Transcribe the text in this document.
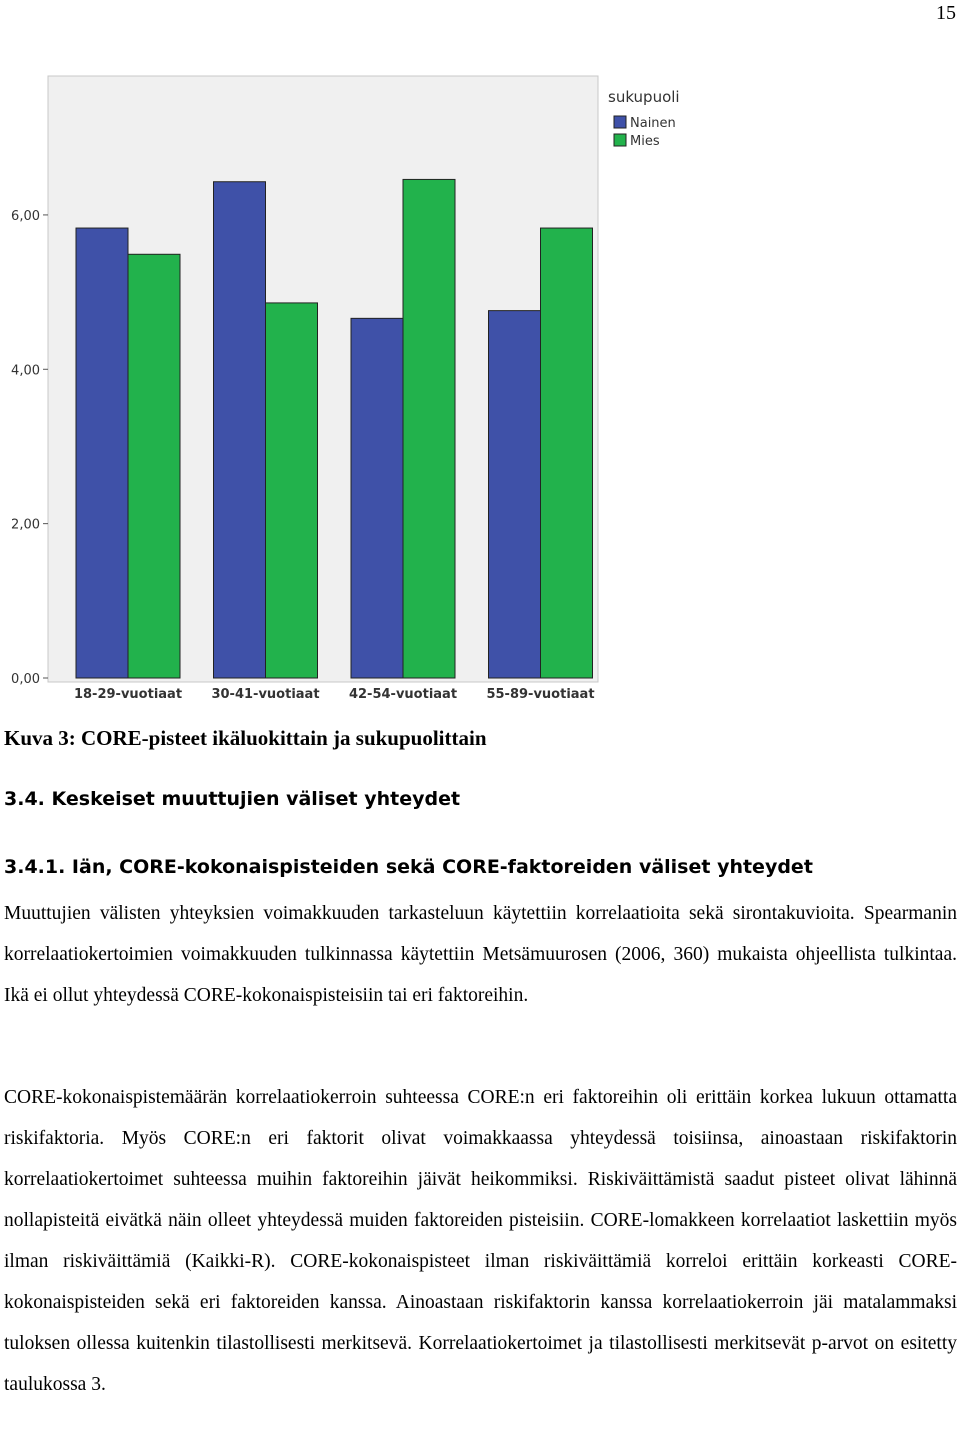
15
0,00
2,00
4,00
6,00
18-29-vuotiaat 30-41-vuotiaat 42-54-vuotiaat 55-89-vuotiaat
sukupuoli
Nainen
Mies
Kuva 3: CORE-pisteet ikäluokittain ja sukupuolittain
3.4. Keskeiset muuttujien väliset yhteydet
3.4.1. Iän, CORE-kokonaispisteiden sekä CORE-faktoreiden väliset yhteydet
Muuttujien välisten yhteyksien voimakkuuden tarkasteluun käytettiin korrelaatioita sekä sirontakuvioita. Spearmanin korrelaatiokertoimien voimakkuuden tulkinnassa käytettiin Metsämuurosen (2006, 360) mukaista ohjeellista tulkintaa. Ikä ei ollut yhteydessä CORE-kokonaispisteisiin tai eri faktoreihin.
CORE-kokonaispistemäärän korrelaatiokerroin suhteessa CORE:n eri faktoreihin oli erittäin korkea lukuun ottamatta riskifaktoria. Myös CORE:n eri faktorit olivat voimakkaassa yhteydessä toisiinsa, ainoastaan riskifaktorin korrelaatiokertoimet suhteessa muihin faktoreihin jäivät heikommiksi. Riskiväittämistä saadut pisteet olivat lähinnä nollapisteitä eivätkä näin olleet yhteydessä muiden faktoreiden pisteisiin. CORE-lomakkeen korrelaatiot laskettiin myös ilman riskiväittämiä (Kaikki-R). CORE-kokonaispisteet ilman riskiväittämiä korreloi erittäin korkeasti CORE-kokonaispisteiden sekä eri faktoreiden kanssa. Ainoastaan riskifaktorin kanssa korrelaatiokerroin jäi matalammaksi tuloksen ollessa kuitenkin tilastollisesti merkitsevä. Korrelaatiokertoimet ja tilastollisesti merkitsevät p-arvot on esitetty taulukossa 3.
